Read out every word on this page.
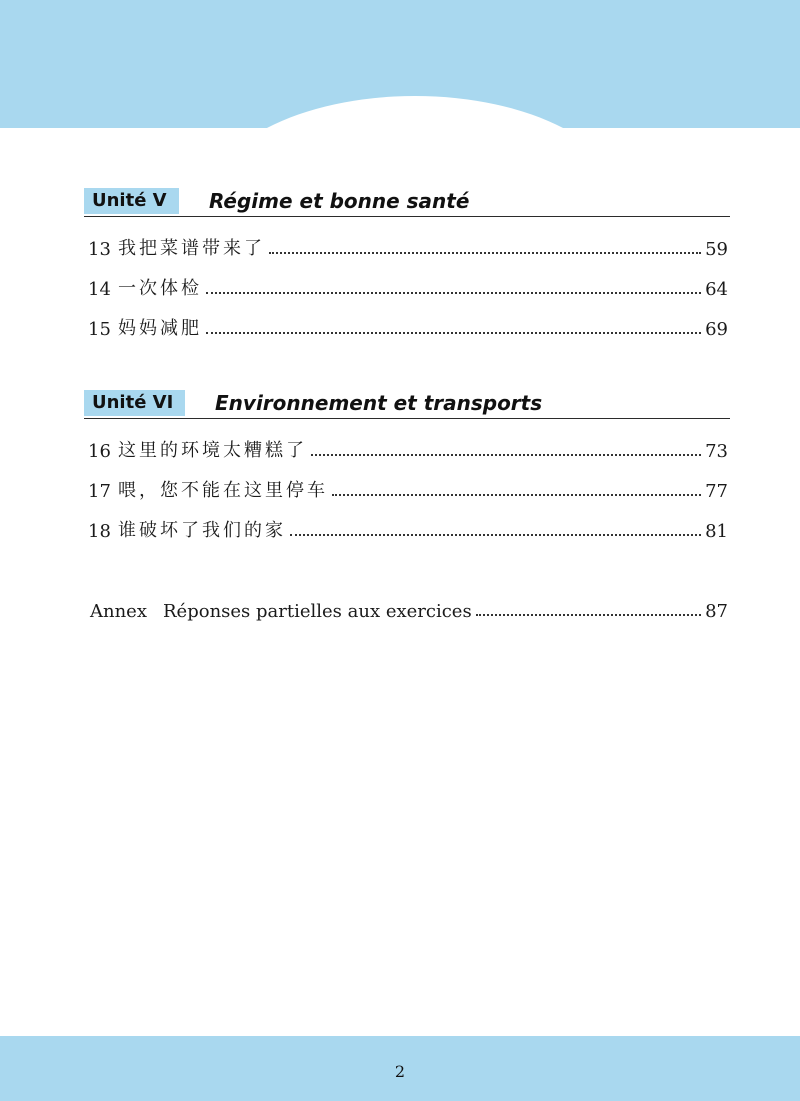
Unité V	Régime et bonne santé
13 我把菜谱带来了	59
14 一次体检	64
15 妈妈减肥	69
Unité VI	Environnement et transports
16 这里的环境太糟糕了	73
17 喂，您不能在这里停车	77
18 谁破坏了我们的家	81
Annex Réponses partielles aux exercices	87
2
